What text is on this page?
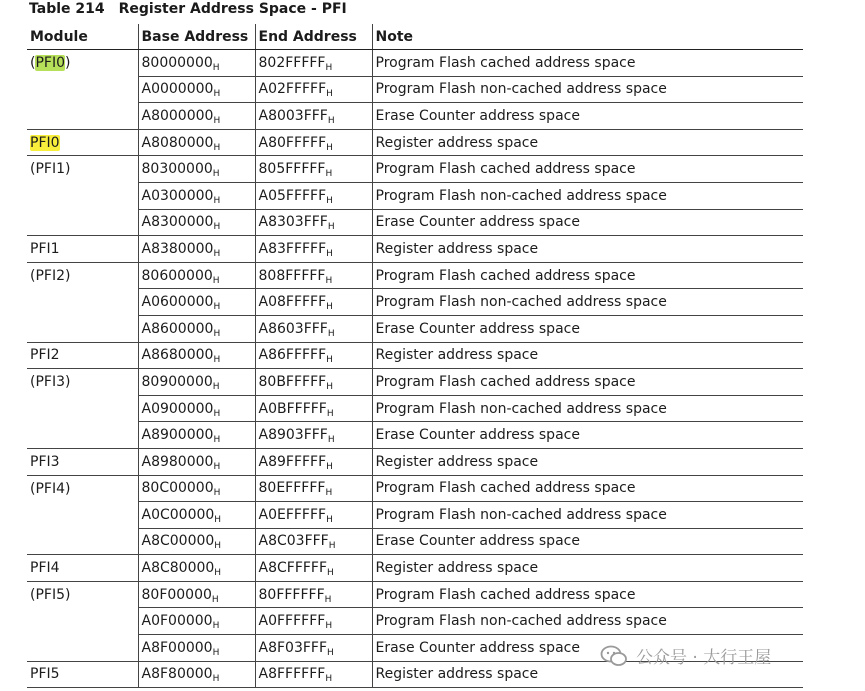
Table 214 Register Address Space - PFI
Module	Base Address	End Address	Note
(PFI0)	$80000000_H$	$802FFFFF_H$	Program Flash cached address space
	$A0000000_H$	$A02FFFFF_H$	Program Flash non-cached address space
	$A8000000_H$	$A8003FFF_H$	Erase Counter address space
PFI0	$A8080000_H$	$A80FFFFF_H$	Register address space
(PFI1)	$80300000_H$	$805FFFFF_H$	Program Flash cached address space
	$A0300000_H$	$A05FFFFF_H$	Program Flash non-cached address space
	$A8300000_H$	$A8303FFF_H$	Erase Counter address space
PFI1	$A8380000_H$	$A83FFFFF_H$	Register address space
(PFI2)	$80600000_H$	$808FFFFF_H$	Program Flash cached address space
	$A0600000_H$	$A08FFFFF_H$	Program Flash non-cached address space
	$A8600000_H$	$A8603FFF_H$	Erase Counter address space
PFI2	$A8680000_H$	$A86FFFFF_H$	Register address space
(PFI3)	$80900000_H$	$80BFFFFF_H$	Program Flash cached address space
	$A0900000_H$	$A0BFFFFF_H$	Program Flash non-cached address space
	$A8900000_H$	$A8903FFF_H$	Erase Counter address space
PFI3	$A8980000_H$	$A89FFFFF_H$	Register address space
(PFI4)	$80C00000_H$	$80EFFFFF_H$	Program Flash cached address space
	$A0C00000_H$	$A0EFFFFF_H$	Program Flash non-cached address space
	$A8C00000_H$	$A8C03FFF_H$	Erase Counter address space
PFI4	$A8C80000_H$	$A8CFFFFF_H$	Register address space
(PFI5)	$80F00000_H$	$80FFFFFF_H$	Program Flash cached address space
	$A0F00000_H$	$A0FFFFFF_H$	Program Flash non-cached address space
	$A8F00000_H$	$A8F03FFF_H$	Erase Counter address space
PFI5	$A8F80000_H$	$A8FFFFFF_H$	Register address space
公众号 · 大行王屋
